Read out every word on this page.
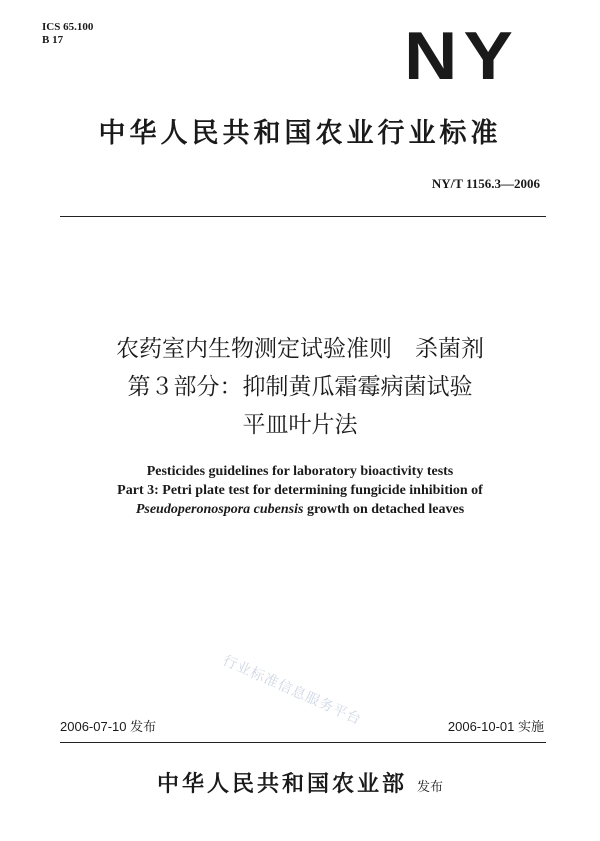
ICS 65.100
B 17	NY
中华人民共和国农业行业标准
NY/T 1156.3—2006
农药室内生物测定试验准则　杀菌剂
第３部分：抑制黄瓜霜霉病菌试验
平皿叶片法
Pesticides guidelines for laboratory bioactivity tests
Part 3: Petri plate test for determining fungicide inhibition of
Pseudoperonospora cubensis growth on detached leaves
行业标准信息服务平台
2006-07-10 发布	2006-10-01 实施
中华人民共和国农业部 发布
